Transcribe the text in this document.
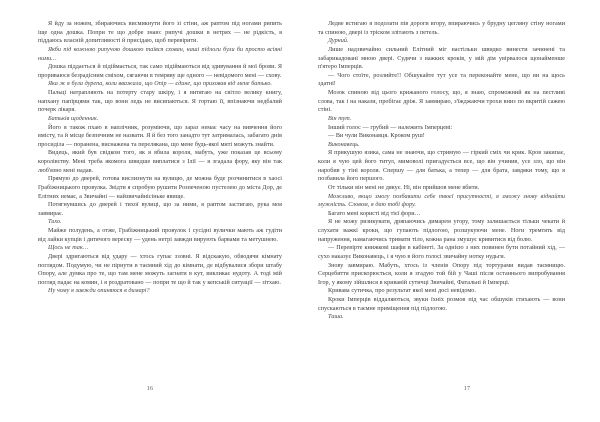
Я йду за ножем, збираючись висмикнути його зі стіни, аж раптом під ногами рипить іще одна дошка. Попри те що добре знаю: рипучі дошки в нетрях — не рідкість, я піддаюсь власній допитливості й присідаю, щоб перевірити.

Якби під кожною рипучою дошкою таївся схован, наші підлоги були би просто всіяні ними…

Дошка піддається й підіймається, так само підіймаються від здивування й мої брови. Я прориваюся безрадісним сміхом, сягаючи в темряву ще одного — невідомого мені — схову.

Яка ж я була дурепа, коли вважала, що Опір — єдине, що приховав від мене батько.

Пальці натрапляють на потерту стару шкіру, і я витягаю на світло велику книгу, напхану папірцями так, що вони ледь не висипаються. Я гортаю її, впізнаючи недбалий почерк лікаря.

Батьків щоденник.

Його я також пхаю в наплічник, розуміючи, що зараз немає часу на вивчення його вмісту, та й місце безпечним не назвати. Я й без того занадто тут затрималась, забагато днів просиділа — поранена, виснажена та перелякана, що мене будь-якої миті можуть знайти.

Видець, який був свідком того, як я вбила короля, мабуть, уже показав це всьому королівству. Мені треба якомога швидше виплатися з Ілії — я згадала фору, яку він так люб'язно мені надав.

Прямую до дверей, готова вислизнути на вулицю, де можна буде розчинитися в хаосі Грабіжницького провулка. Звідти я спробую рушити Розпеченою пустелею до міста Дор, де Елітних немає, а Звичайні — найзвичайнісіньке явище.

Потягнувшись до дверей і тихої вулиці, що за ними, я раптом застигаю, рука моя завмирає.

Тихо.

Майже полудень, а отже, Грабіжницький провулок і сусідні вулички мають аж гудіти від лайки купців і дитячого вереску — удень нетрі завжди вирують барвами та метушнею.

Щось не так…

Двері здригаються від удару — хтось гупає ззовні. Я відскакую, обводячи кімнату поглядом. Подумую, чи не пірнути в таємний хід до кімнати, де відбувалися збори штабу Опору, але думка про те, що там мене можуть загнати в кут, викликає нудоту. А тоді мій погляд падає на комин, і я роздратовано — попри те що й так у кепській ситуації — зітхаю.

Ну чому я завжди опиняюся в димарі?

16

Ледве встигаю я подолати пів дороги вгору, впираючись у брудну цегляну стіну ногами та спиною, двері із тріском злітають з петель.

Дурний.

Лише надзвичайно сильний Елітний міг настільки швидко винести зачинені та забарикадовані мною двері. Судячи з важких кроків, у мій дім увірвалося щонайменше п'ятеро Імперців.

— Чого стоїте, розлийте!! Обшукайте тут усе та переконайте мене, що ви на щось здатні!

Мозок спиною від цього крижаного голосу, що, я знаю, спроможний як на пестливі слова, так і на накази, пробігає дріж. Я завмираю, з'їжджаючи трохи вниз по вкритій сажею стіні.

Він тут.

Інший голос — грубий — належить Імперцеві:

— Ви чули Виконавця. Кроком руш!

Виконавець.

Я прикушую язика, сама не знаючи, що стримую — гіркий сміх чи крик. Кров закипає, коли я чую цей його титул, мимоволі пригадується все, що він учинив, усе зло, що він наробив у тіні короля. Спершу — для батька, а тепер — для брата, завдяки тому, що я позбавила його першого.

От тільки він мені не дякує. Ні, він прийшов мене вбити.

Можливо, якщо змогу позбавити себе твоєї присутності, я зможу знову віднайти мужність. Словом, я даю тобі фору.

Багато мені користі від тієї фори…

Я не можу ризикувати, дряпаючись димарем угору, тому залишається тільки чекати й слухати важкі кроки, що гупають підлогою, розшукуючи мене. Ноги тремтять від напруження, намагаючись тримати тіло, кожна рана змушує кривитися від болю.

— Перевірте книжкові шафи в кабінеті. За однією з них повинен бути потайний хід, — сухо наказує Виконавець, і я чую в його голосі звичайну нотку нудьги.

Знову завмираю. Мабуть, хтось із членів Опору під тортурами видав таємницю. Серцебиття прискорюється, коли я згадую той бій у Чаші після останнього випробування Ігор, у якому зійшлися в кривавій сутичці Звичайні, Фатальні й Імперці.

Кривава сутичка, про результат якої мені досі невідомо.

Кроки Імперців віддаляються, звуки їхніх розмов під час обшуків стихають — вони спускаються в таємне приміщення під підлогою.

Тиша.

17
